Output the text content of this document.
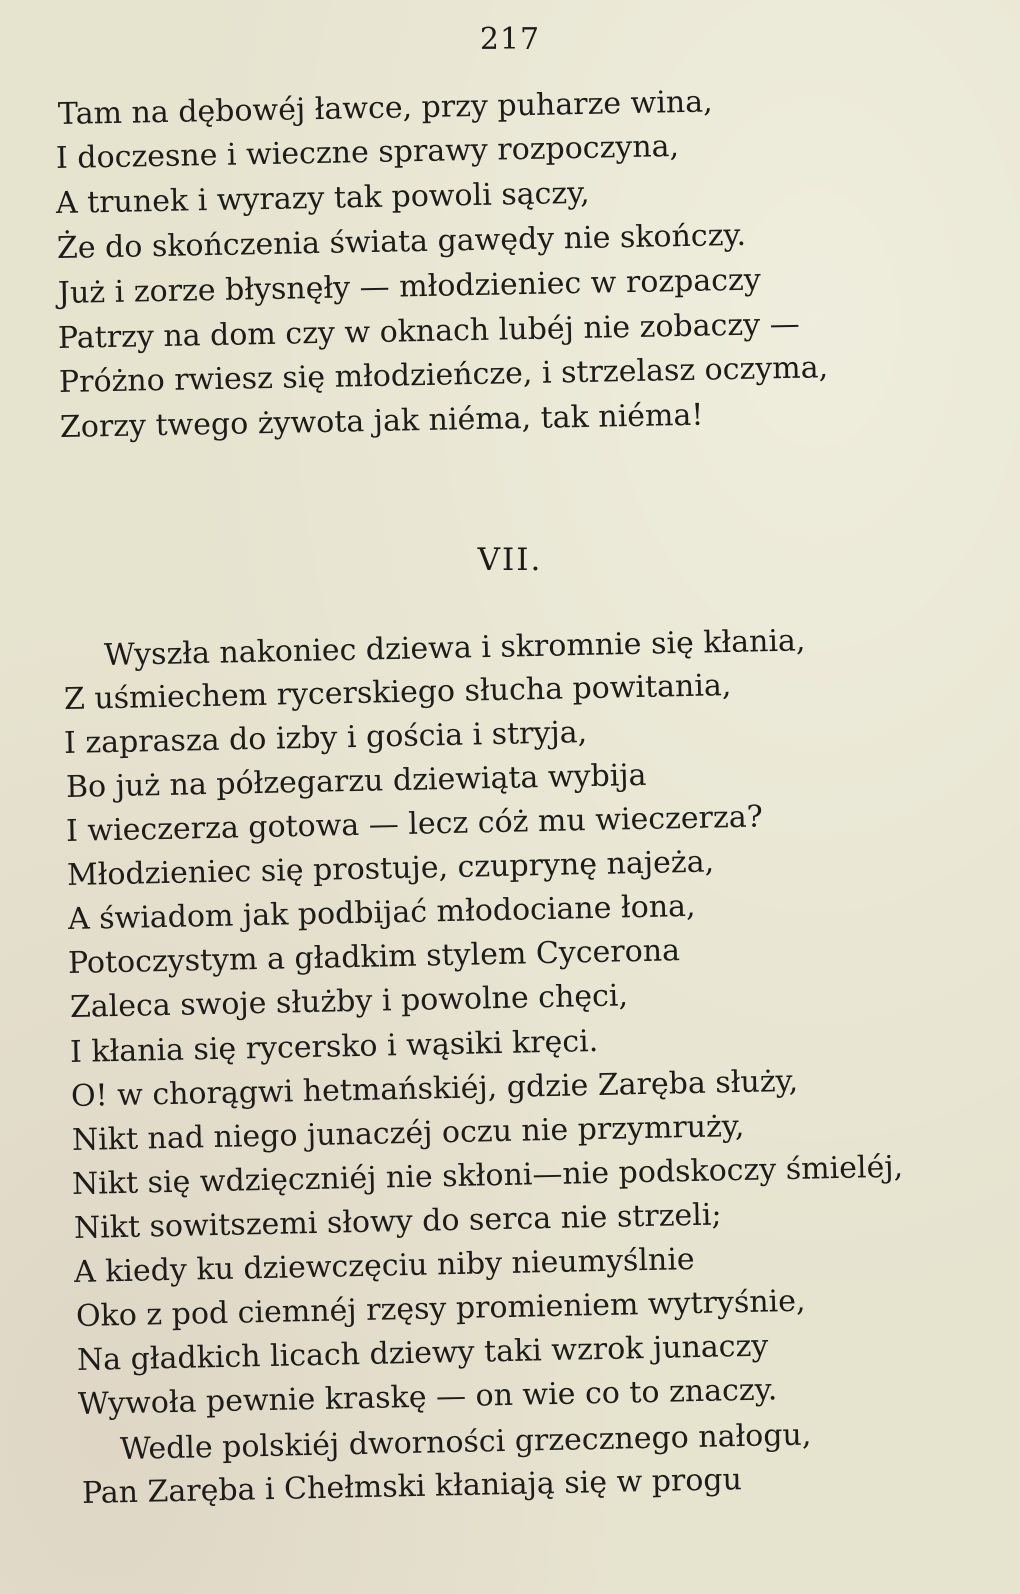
217
Tam na dębowéj ławce, przy puharze wina,
I doczesne i wieczne sprawy rozpoczyna,
A trunek i wyrazy tak powoli sączy,
Że do skończenia świata gawędy nie skończy.
Już i zorze błysnęły — młodzieniec w rozpaczy
Patrzy na dom czy w oknach lubéj nie zobaczy —
Próżno rwiesz się młodzieńcze, i strzelasz oczyma,
Zorzy twego żywota jak niéma, tak niéma!
VII.
Wyszła nakoniec dziewa i skromnie się kłania,
Z uśmiechem rycerskiego słucha powitania,
I zaprasza do izby i gościa i stryja,
Bo już na półzegarzu dziewiąta wybija
I wieczerza gotowa — lecz cóż mu wieczerza?
Młodzieniec się prostuje, czuprynę najeża,
A świadom jak podbijać młodociane łona,
Potoczystym a gładkim stylem Cycerona
Zaleca swoje służby i powolne chęci,
I kłania się rycersko i wąsiki kręci.
O! w chorągwi hetmańskiéj, gdzie Zaręba służy,
Nikt nad niego junaczéj oczu nie przymruży,
Nikt się wdzięczniéj nie skłoni—nie podskoczy śmieléj,
Nikt sowitszemi słowy do serca nie strzeli;
A kiedy ku dziewczęciu niby nieumyślnie
Oko z pod ciemnéj rzęsy promieniem wytryśnie,
Na gładkich licach dziewy taki wzrok junaczy
Wywoła pewnie kraskę — on wie co to znaczy.
Wedle polskiéj dworności grzecznego nałogu,
Pan Zaręba i Chełmski kłaniają się w progu
